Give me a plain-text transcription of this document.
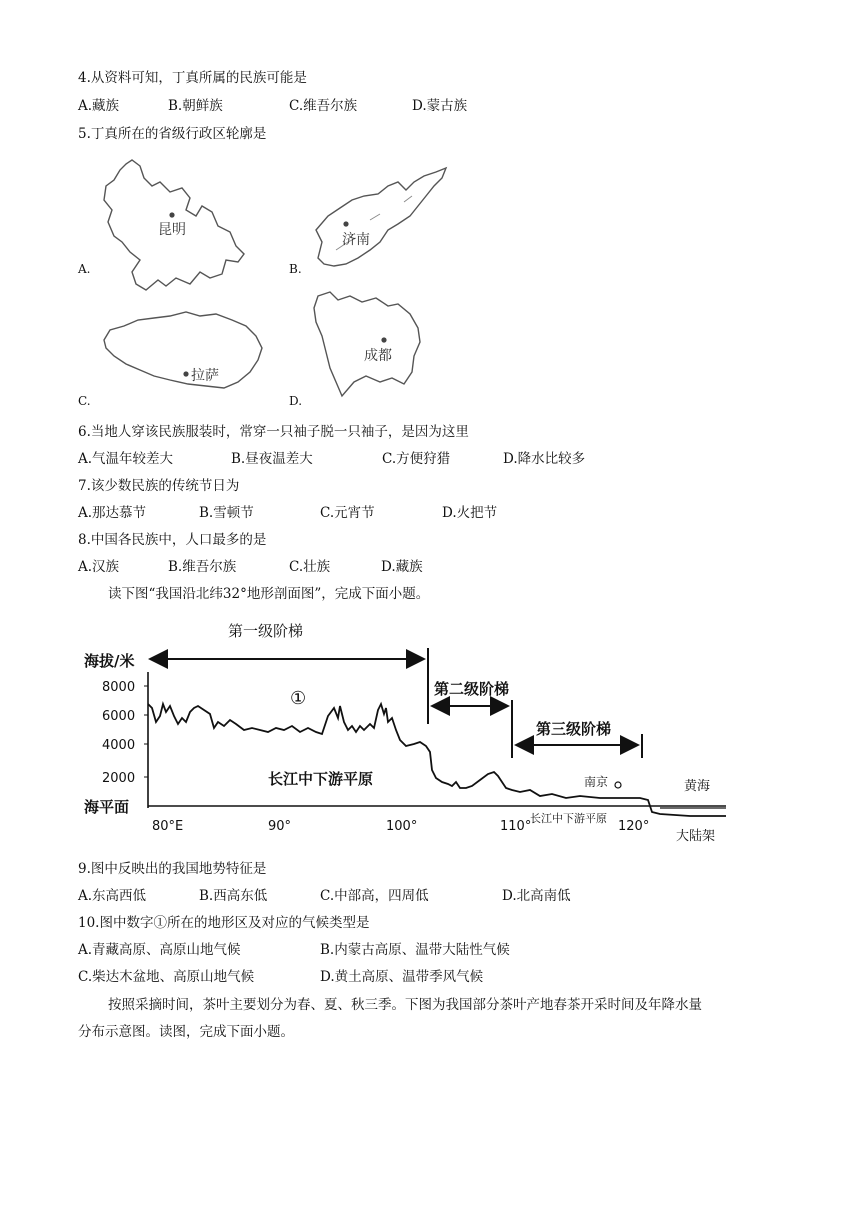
4.从资料可知，丁真所属的民族可能是
A.藏族	B.朝鲜族	C.维吾尔族	D.蒙古族
5.丁真所在的省级行政区轮廓是
昆明
济南
拉萨
成都
A.	B.
C.	D.
6.当地人穿该民族服装时，常穿一只袖子脱一只袖子，是因为这里
A.气温年较差大	B.昼夜温差大	C.方便狩猎	D.降水比较多
7.该少数民族的传统节日为
A.那达慕节	B.雪顿节	C.元宵节	D.火把节
8.中国各民族中，人口最多的是
A.汉族	B.维吾尔族	C.壮族	D.藏族
读下图“我国沿北纬32°地形剖面图”，完成下面小题。
第一级阶梯
第二级阶梯
第三级阶梯
海拔/米
8000
6000
4000
2000
海平面
①
长江中下游平原	南京	黄海
长江中下游平原
大陆架
80°E	90°	100°	110°	120°
9.图中反映出的我国地势特征是
A.东高西低	B.西高东低	C.中部高，四周低	D.北高南低
10.图中数字①所在的地形区及对应的气候类型是
A.青藏高原、高原山地气候	B.内蒙古高原、温带大陆性气候
C.柴达木盆地、高原山地气候	D.黄土高原、温带季风气候
按照采摘时间，茶叶主要划分为春、夏、秋三季。下图为我国部分茶叶产地春茶开采时间及年降水量
分布示意图。读图，完成下面小题。
